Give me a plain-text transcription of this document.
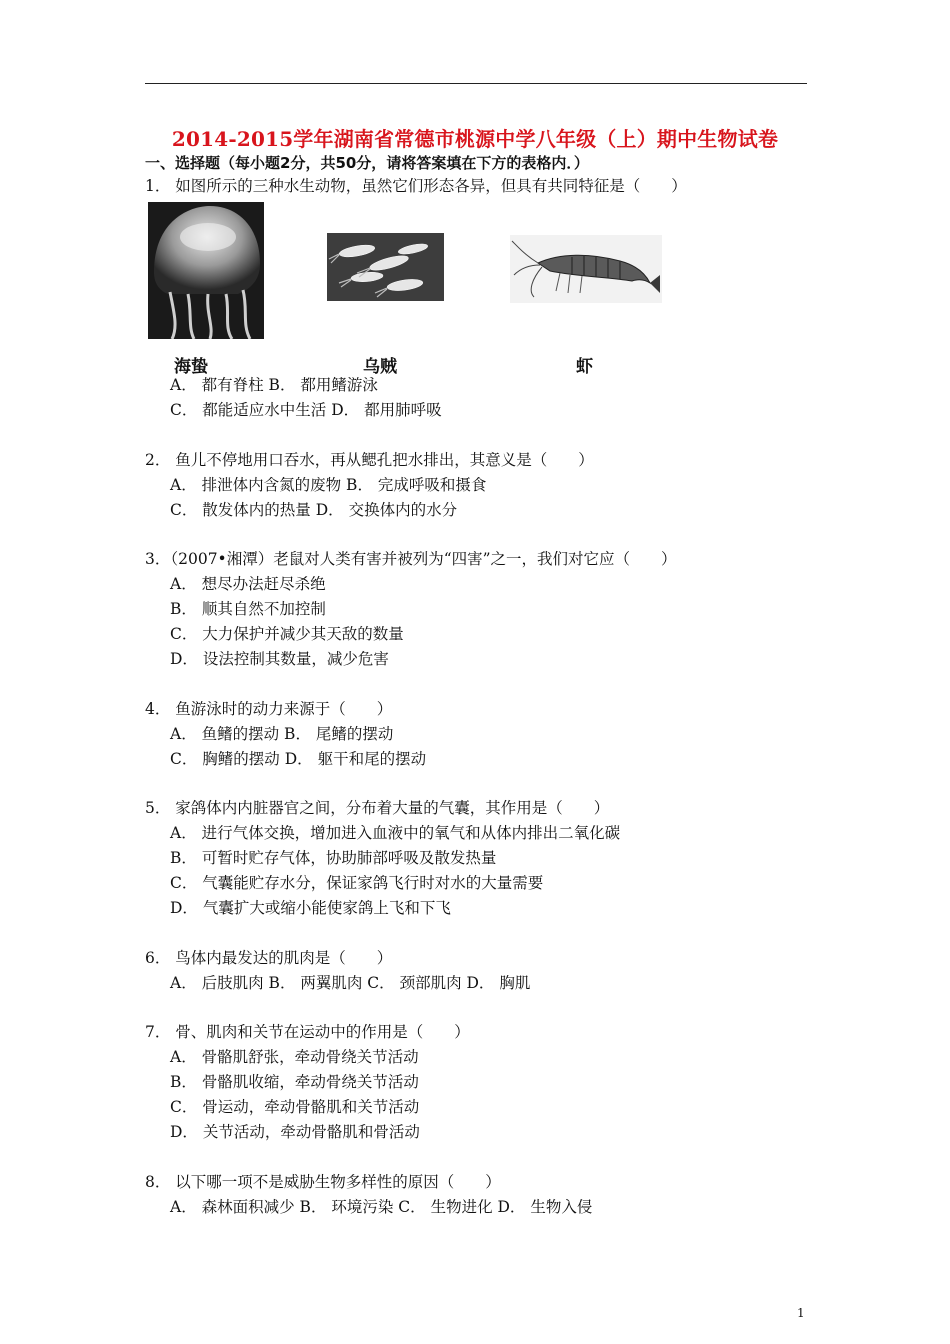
2014-2015学年湖南省常德市桃源中学八年级（上）期中生物试卷
一、选择题（每小题2分，共50分，请将答案填在下方的表格内．）
1． 如图所示的三种水生动物，虽然它们形态各异，但具有共同特征是（　　）
海蛰	乌贼	虾
A． 都有脊柱 B． 都用鳍游泳
C． 都能适应水中生活 D． 都用肺呼吸
2． 鱼儿不停地用口吞水，再从鳃孔把水排出，其意义是（　　）
A． 排泄体内含氮的废物 B． 完成呼吸和摄食
C． 散发体内的热量 D． 交换体内的水分
3．（2007•湘潭）老鼠对人类有害并被列为“四害”之一，我们对它应（　　）
A． 想尽办法赶尽杀绝
B． 顺其自然不加控制
C． 大力保护并减少其天敌的数量
D． 设法控制其数量，减少危害
4． 鱼游泳时的动力来源于（　　）
A． 鱼鳍的摆动 B． 尾鳍的摆动
C． 胸鳍的摆动 D． 躯干和尾的摆动
5． 家鸽体内内脏器官之间，分布着大量的气囊，其作用是（　　）
A． 进行气体交换，增加进入血液中的氧气和从体内排出二氧化碳
B． 可暂时贮存气体，协助肺部呼吸及散发热量
C． 气囊能贮存水分，保证家鸽飞行时对水的大量需要
D． 气囊扩大或缩小能使家鸽上飞和下飞
6． 鸟体内最发达的肌肉是（　　）
A． 后肢肌肉 B． 两翼肌肉 C． 颈部肌肉 D． 胸肌
7． 骨、肌肉和关节在运动中的作用是（　　）
A． 骨骼肌舒张，牵动骨绕关节活动
B． 骨骼肌收缩，牵动骨绕关节活动
C． 骨运动，牵动骨骼肌和关节活动
D． 关节活动，牵动骨骼肌和骨活动
8． 以下哪一项不是威胁生物多样性的原因（　　）
A． 森林面积减少 B． 环境污染 C． 生物进化 D． 生物入侵
1
